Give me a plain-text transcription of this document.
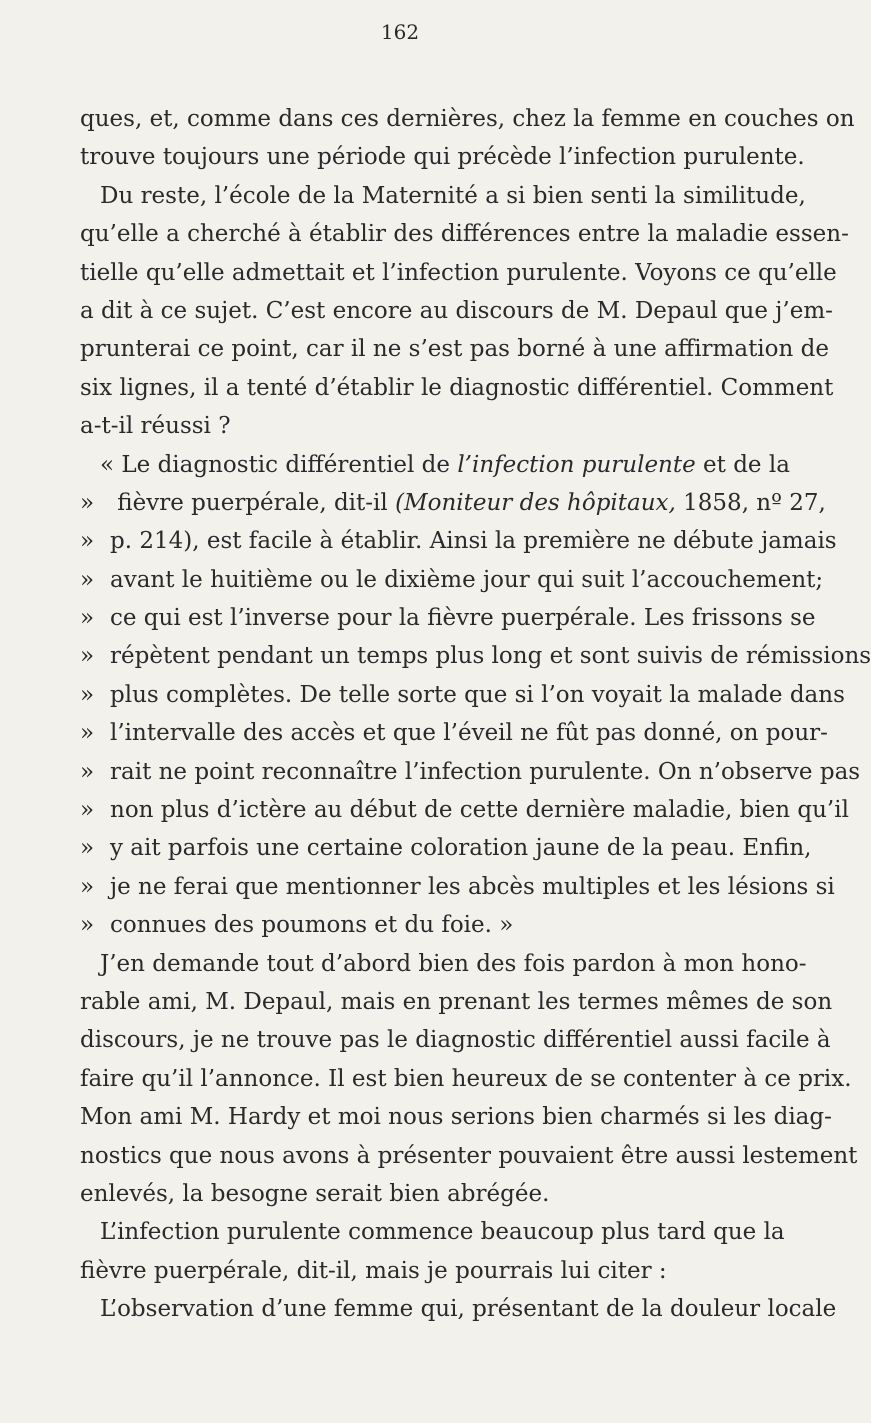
162
ques, et, comme dans ces dernières, chez la femme en couches on
trouve toujours une période qui précède l’infection purulente.
Du reste, l’école de la Maternité a si bien senti la similitude,
qu’elle a cherché à établir des différences entre la maladie essen-
tielle qu’elle admettait et l’infection purulente. Voyons ce qu’elle
a dit à ce sujet. C’est encore au discours de M. Depaul que j’em-
prunterai ce point, car il ne s’est pas borné à une affirmation de
six lignes, il a tenté d’établir le diagnostic différentiel. Comment
a-t-il réussi ?
« Le diagnostic différentiel de l’infection purulente et de la
» fièvre puerpérale, dit-il (Moniteur des hôpitaux, 1858, nº 27,
» p. 214), est facile à établir. Ainsi la première ne débute jamais
» avant le huitième ou le dixième jour qui suit l’accouchement;
» ce qui est l’inverse pour la fièvre puerpérale. Les frissons se
» répètent pendant un temps plus long et sont suivis de rémissions
» plus complètes. De telle sorte que si l’on voyait la malade dans
» l’intervalle des accès et que l’éveil ne fût pas donné, on pour-
» rait ne point reconnaître l’infection purulente. On n’observe pas
» non plus d’ictère au début de cette dernière maladie, bien qu’il
» y ait parfois une certaine coloration jaune de la peau. Enfin,
» je ne ferai que mentionner les abcès multiples et les lésions si
» connues des poumons et du foie. »
J’en demande tout d’abord bien des fois pardon à mon hono-
rable ami, M. Depaul, mais en prenant les termes mêmes de son
discours, je ne trouve pas le diagnostic différentiel aussi facile à
faire qu’il l’annonce. Il est bien heureux de se contenter à ce prix.
Mon ami M. Hardy et moi nous serions bien charmés si les diag-
nostics que nous avons à présenter pouvaient être aussi lestement
enlevés, la besogne serait bien abrégée.
L’infection purulente commence beaucoup plus tard que la
fièvre puerpérale, dit-il, mais je pourrais lui citer :
L’observation d’une femme qui, présentant de la douleur locale
